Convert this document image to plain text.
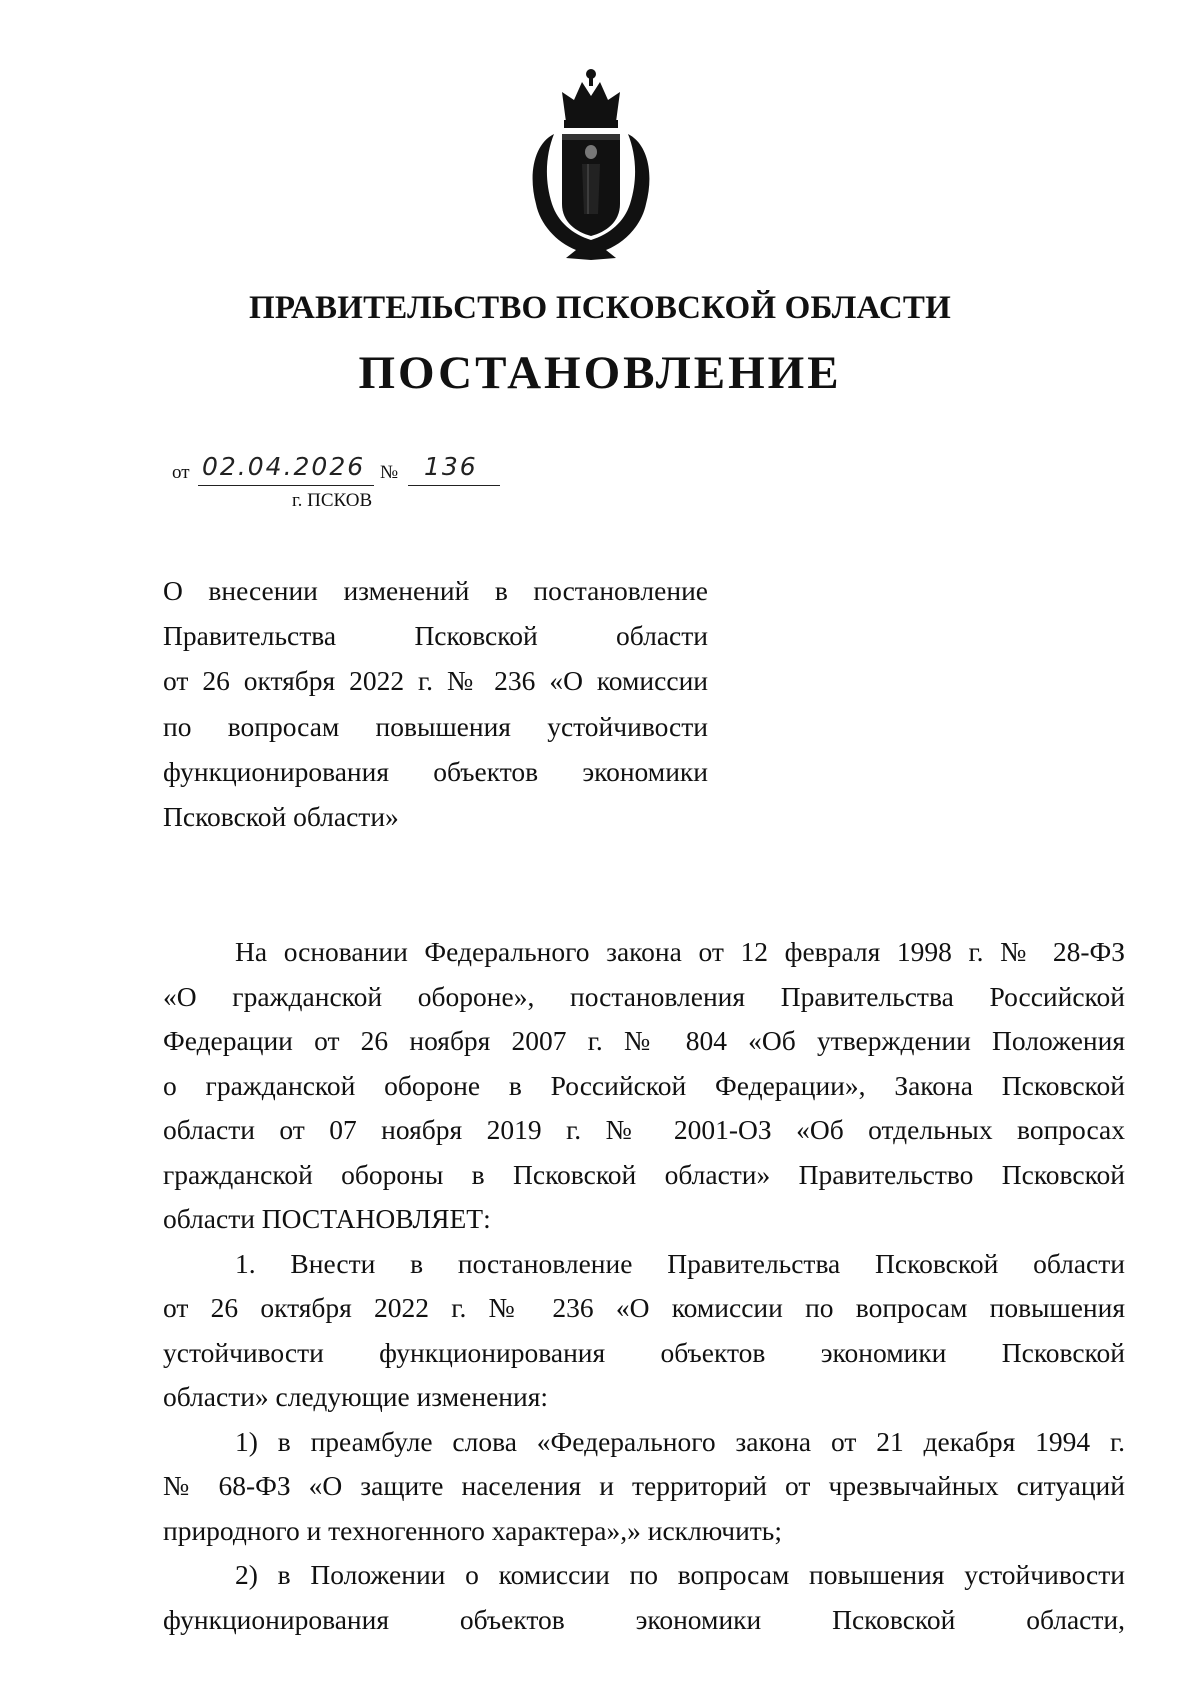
ПРАВИТЕЛЬСТВО ПСКОВСКОЙ ОБЛАСТИ
ПОСТАНОВЛЕНИЕ
от 02.04.2026 № 136
г. ПСКОВ
О внесении изменений в постановление
Правительства Псковской области
от 26 октября 2022 г. № 236 «О комиссии
по вопросам повышения устойчивости
функционирования объектов экономики
Псковской области»
На основании Федерального закона от 12 февраля 1998 г. № 28-ФЗ
«О гражданской обороне», постановления Правительства Российской
Федерации от 26 ноября 2007 г. № 804 «Об утверждении Положения
о гражданской обороне в Российской Федерации», Закона Псковской
области от 07 ноября 2019 г. № 2001-ОЗ «Об отдельных вопросах
гражданской обороны в Псковской области» Правительство Псковской
области ПОСТАНОВЛЯЕТ:
1. Внести в постановление Правительства Псковской области
от 26 октября 2022 г. № 236 «О комиссии по вопросам повышения
устойчивости функционирования объектов экономики Псковской
области» следующие изменения:
1) в преамбуле слова «Федерального закона от 21 декабря 1994 г.
№ 68-ФЗ «О защите населения и территорий от чрезвычайных ситуаций
природного и техногенного характера»,» исключить;
2) в Положении о комиссии по вопросам повышения устойчивости
функционирования объектов экономики Псковской области,
